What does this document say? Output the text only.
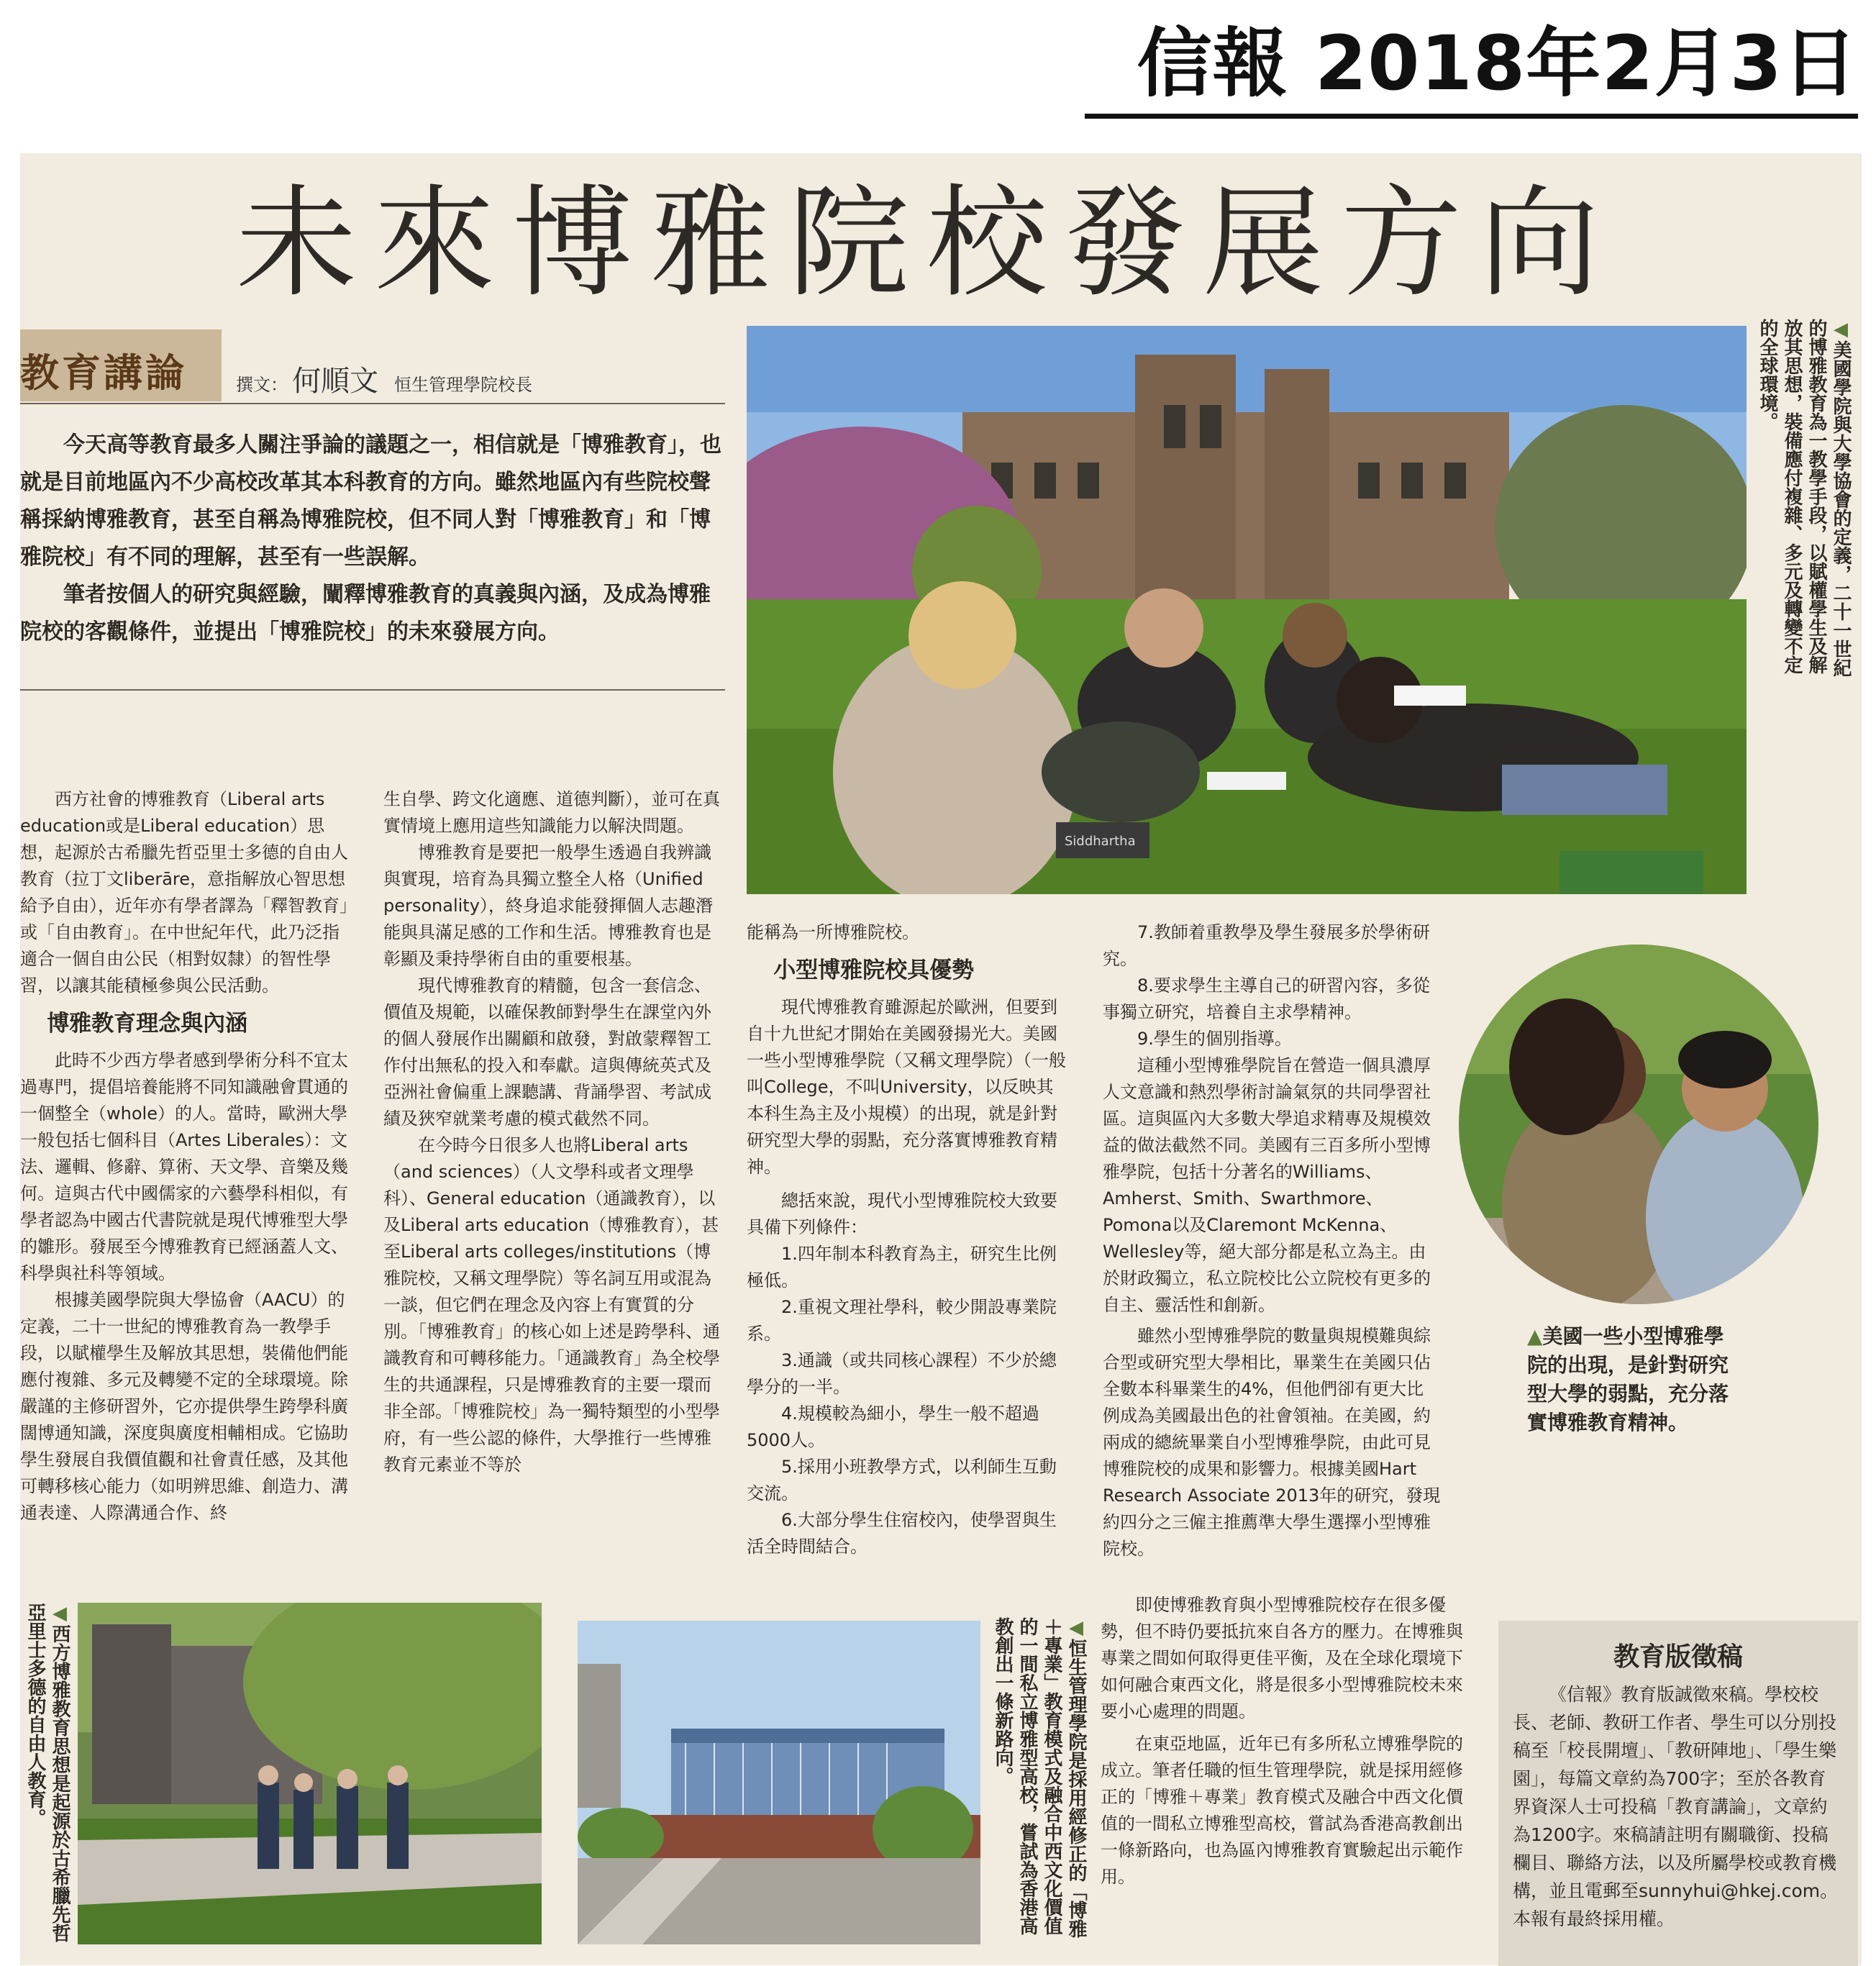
信報 2018年2月3日
未來博雅院校發展方向
教育講論	撰文： 何順文 恒生管理學院校長

今天高等教育最多人關注爭論的議題之一，相信就是「博雅教育」，也就是目前地區內不少高校改革其本科教育的方向。雖然地區內有些院校聲稱採納博雅教育，甚至自稱為博雅院校，但不同人對「博雅教育」和「博雅院校」有不同的理解，甚至有一些誤解。

筆者按個人的研究與經驗，闡釋博雅教育的真義與內涵，及成為博雅院校的客觀條件，並提出「博雅院校」的未來發展方向。

Siddhartha
◀美國學院與大學協會的定義，二十一世紀的博雅教育為一教學手段，以賦權學生及解放其思想，裝備應付複雜、多元及轉變不定的全球環境。

西方社會的博雅教育（Liberal arts education或是Liberal education）思想，起源於古希臘先哲亞里士多德的自由人教育（拉丁文liberāre，意指解放心智思想給予自由），近年亦有學者譯為「釋智教育」或「自由教育」。在中世紀年代，此乃泛指適合一個自由公民（相對奴隸）的智性學習，以讓其能積極參與公民活動。

博雅教育理念與內涵

此時不少西方學者感到學術分科不宜太過專門，提倡培養能將不同知識融會貫通的一個整全（whole）的人。當時，歐洲大學一般包括七個科目（Artes Liberales）：文法、邏輯、修辭、算術、天文學、音樂及幾何。這與古代中國儒家的六藝學科相似，有學者認為中國古代書院就是現代博雅型大學的雛形。發展至今博雅教育已經涵蓋人文、科學與社科等領域。

根據美國學院與大學協會（AACU）的定義，二十一世紀的博雅教育為一教學手段，以賦權學生及解放其思想，裝備他們能應付複雜、多元及轉變不定的全球環境。除嚴謹的主修研習外，它亦提供學生跨學科廣闊博通知識，深度與廣度相輔相成。它協助學生發展自我價值觀和社會責任感，及其他可轉移核心能力（如明辨思維、創造力、溝通表達、人際溝通合作、終

生自學、跨文化適應、道德判斷），並可在真實情境上應用這些知識能力以解決問題。

博雅教育是要把一般學生透過自我辨識與實現，培育為具獨立整全人格（Unified personality），終身追求能發揮個人志趣潛能與具滿足感的工作和生活。博雅教育也是彰顯及秉持學術自由的重要根基。

現代博雅教育的精髓，包含一套信念、價值及規範，以確保教師對學生在課堂內外的個人發展作出關顧和啟發，對啟蒙釋智工作付出無私的投入和奉獻。這與傳統英式及亞洲社會偏重上課聽講、背誦學習、考試成績及狹窄就業考慮的模式截然不同。

在今時今日很多人也將Liberal arts（and sciences）（人文學科或者文理學科）、General education（通識教育），以及Liberal arts education（博雅教育），甚至Liberal arts colleges/institutions（博雅院校，又稱文理學院）等名詞互用或混為一談，但它們在理念及內容上有實質的分別。「博雅教育」的核心如上述是跨學科、通識教育和可轉移能力。「通識教育」為全校學生的共通課程，只是博雅教育的主要一環而非全部。「博雅院校」為一獨特類型的小型學府，有一些公認的條件，大學推行一些博雅教育元素並不等於

能稱為一所博雅院校。

小型博雅院校具優勢

現代博雅教育雖源起於歐洲，但要到自十九世紀才開始在美國發揚光大。美國一些小型博雅學院（又稱文理學院）（一般叫College，不叫University，以反映其本科生為主及小規模）的出現，就是針對研究型大學的弱點，充分落實博雅教育精神。

總括來說，現代小型博雅院校大致要具備下列條件：

1.四年制本科教育為主，研究生比例極低。

2.重視文理社學科，較少開設專業院系。

3.通識（或共同核心課程）不少於總學分的一半。

4.規模較為細小，學生一般不超過5000人。

5.採用小班教學方式，以利師生互動交流。

6.大部分學生住宿校內，使學習與生活全時間結合。

7.教師着重教學及學生發展多於學術研究。

8.要求學生主導自己的研習內容，多從事獨立研究，培養自主求學精神。

9.學生的個別指導。

這種小型博雅學院旨在營造一個具濃厚人文意識和熱烈學術討論氣氛的共同學習社區。這與區內大多數大學追求精專及規模效益的做法截然不同。美國有三百多所小型博雅學院，包括十分著名的Williams、Amherst、Smith、Swarthmore、Pomona以及Claremont McKenna、Wellesley等，絕大部分都是私立為主。由於財政獨立，私立院校比公立院校有更多的自主、靈活性和創新。

雖然小型博雅學院的數量與規模難與綜合型或研究型大學相比，畢業生在美國只佔全數本科畢業生的4%，但他們卻有更大比例成為美國最出色的社會領袖。在美國，約兩成的總統畢業自小型博雅學院，由此可見博雅院校的成果和影響力。根據美國Hart Research Associate 2013年的研究，發現約四分之三僱主推薦準大學生選擇小型博雅院校。

▲美國一些小型博雅學院的出現，是針對研究型大學的弱點，充分落實博雅教育精神。
◀西方博雅教育思想是起源於古希臘先哲亞里士多德的自由人教育。	◀恒生管理學院是採用經修正的「博雅＋專業」教育模式及融合中西文化價值的一間私立博雅型高校，嘗試為香港高教創出一條新路向。

即使博雅教育與小型博雅院校存在很多優勢，但不時仍要抵抗來自各方的壓力。在博雅與專業之間如何取得更佳平衡，及在全球化環境下如何融合東西文化，將是很多小型博雅院校未來要小心處理的問題。

在東亞地區，近年已有多所私立博雅學院的成立。筆者任職的恒生管理學院，就是採用經修正的「博雅＋專業」教育模式及融合中西文化價值的一間私立博雅型高校，嘗試為香港高教創出一條新路向，也為區內博雅教育實驗起出示範作用。

教育版徵稿
《信報》教育版誠徵來稿。學校校長、老師、教研工作者、學生可以分別投稿至「校長開壇」、「教研陣地」、「學生樂園」，每篇文章約為700字；至於各教育界資深人士可投稿「教育講論」，文章約為1200字。來稿請註明有關職銜、投稿欄目、聯絡方法，以及所屬學校或教育機構，並且電郵至sunnyhui@hkej.com。本報有最終採用權。
